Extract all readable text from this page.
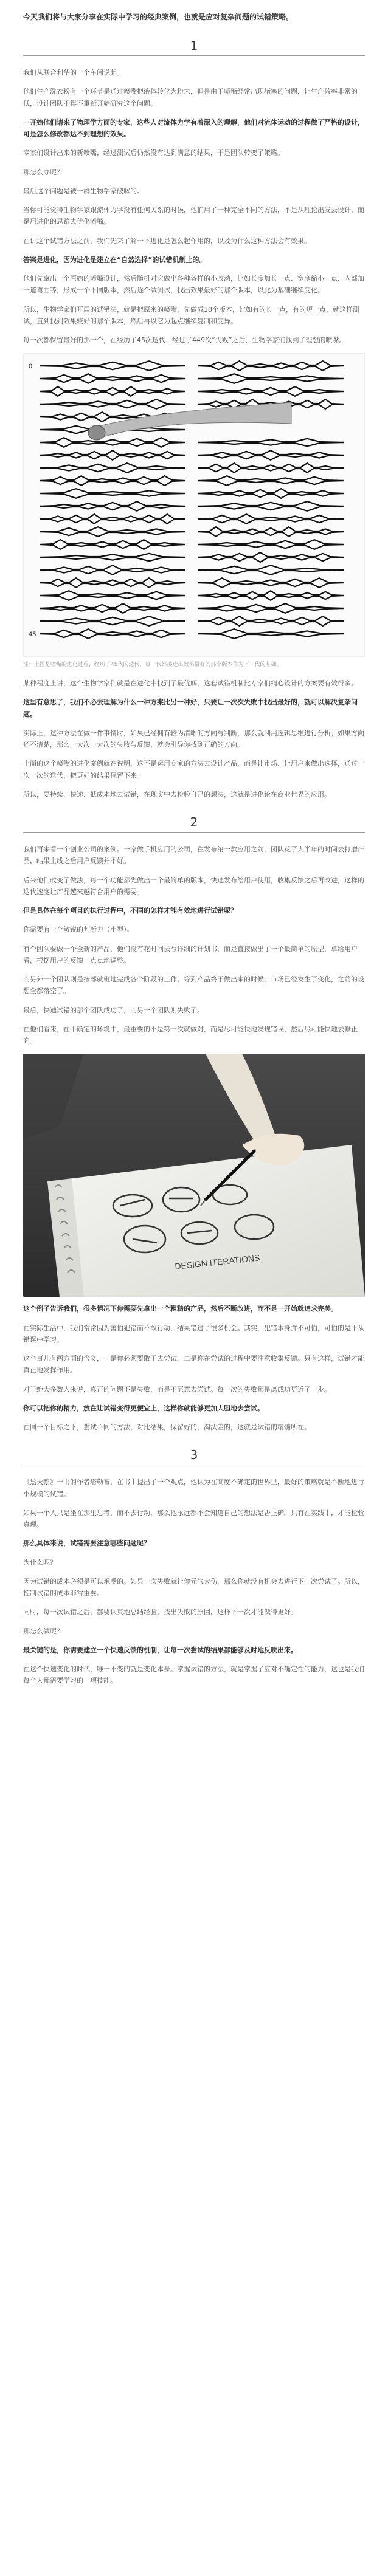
今天我们将与大家分享在实际中学习的经典案例，也就是应对复杂问题的试错策略。
1

我们从联合利华的一个车间说起。

他们生产洗衣粉有一个环节是通过喷嘴把液体转化为粉末，但是由于喷嘴经常出现堵塞的问题，让生产效率非常的低，设计团队不得不重新开始研究这个问题。

一开始他们请来了物理学方面的专家，这些人对流体力学有着深入的理解，他们对流体运动的过程做了严格的设计，可是怎么修改都达不到理想的效果。

专家们设计出来的新喷嘴，经过测试后仍然没有达到满意的结果，于是团队转变了策略。

那怎么办呢？

最后这个问题是被一群生物学家破解的。

当你可能觉得生物学家跟流体力学没有任何关系的时候，他们用了一种完全不同的方法，不是从理论出发去设计，而是用进化的思路去优化喷嘴。

在讲这个试错方法之前，我们先来了解一下进化是怎么起作用的，以及为什么这种方法会有效果。

答案是进化，因为进化是建立在“自然选择”的试错机制上的。

他们先拿出一个原始的喷嘴设计，然后随机对它做出各种各样的小改动，比如长度加长一点、宽度缩小一点、内部加一道弯曲等，形成十个不同版本，然后逐个做测试，找出效果最好的那个版本，以此为基础继续变化。

所以，生物学家们开展的试错法，就是把原来的喷嘴，先做成10个版本，比如有的长一点，有的短一点，就这样测试，直到找到效果较好的那个版本，然后再以它为起点继续复制和变异。

每一次都保留最好的那一个，在经历了45次迭代、经过了449次“失败”之后，生物学家们找到了理想的喷嘴。

0
45
注：上图是喷嘴的进化过程，经历了45代的迭代，每一代都挑选出效果最好的那个版本作为下一代的基础。

某种程度上讲，这个生物学家们就是在进化中找到了最优解，这套试错机制比专家们精心设计的方案要有效得多。

这里有意思了，我们不必去理解为什么一种方案比另一种好，只要让一次次失败中找出最好的，就可以解决复杂问题。

实际上，这种方法在做一件事情时，如果已经拥有较为清晰的方向与判断，那么就利用逻辑思维进行分析；如果方向还不清楚，那么一大次一大次的失败与反馈，就会引导你找到正确的方向。

上面的这个喷嘴的进化案例就在说明，这不是运用专家的方法去设计产品，而是让市场、让用户来做出选择，通过一次一次的迭代，把更好的结果保留下来。

所以，要持续、快速、低成本地去试错，在现实中去检验自己的想法，这就是进化论在商业世界的应用。

2

我们再来看一个创业公司的案例。一家做手机应用的公司，在发布第一款应用之前，团队花了大半年的时间去打磨产品，结果上线之后用户反馈并不好。

后来他们改变了做法，每一个功能都先做出一个最简单的版本，快速发布给用户使用，收集反馈之后再改进，这样的迭代速度让产品越来越符合用户的需要。

但是具体在每个项目的执行过程中，不同的怎样才能有效地进行试错呢？

你需要有一个敏锐的判断力（小型）。

有个团队要做一个全新的产品，他们没有花时间去写详细的计划书，而是直接做出了一个最简单的原型，拿给用户看，根据用户的反馈一点点地调整。

而另外一个团队则是按部就班地完成各个阶段的工作，等到产品终于做出来的时候，市场已经发生了变化，之前的设想全都落空了。

最后，快速试错的那个团队成功了，而另一个团队则失败了。

在他们看来，在不确定的环境中，最重要的不是第一次就做对，而是尽可能快地发现错误，然后尽可能快地去修正它。

DESIGN ITERATIONS

这个例子告诉我们，很多情况下你需要先拿出一个粗糙的产品，然后不断改进，而不是一开始就追求完美。

在实际生活中，我们常常因为害怕犯错而不敢行动，结果错过了很多机会。其实，犯错本身并不可怕，可怕的是不从错误中学习。

这个事儿有两方面的含义，一是你必须要敢于去尝试，二是你在尝试的过程中要注意收集反馈。只有这样，试错才能真正地发挥作用。

对于绝大多数人来说，真正的问题不是失败，而是不愿意去尝试。每一次的失败都是离成功更近了一步。

你可以把你的精力，放在让试错变得更便宜上，这样你就能够更加大胆地去尝试。

在同一个目标之下，尝试不同的方法，对比结果，保留好的，淘汰差的，这就是试错的精髓所在。

3

《黑天鹅》一书的作者塔勒布，在书中提出了一个观点，他认为在高度不确定的世界里，最好的策略就是不断地进行小规模的试错。

如果一个人只是坐在那里思考，而不去行动，那么他永远都不会知道自己的想法是否正确。只有在实践中，才能检验真理。

那么具体来说，试错需要注意哪些问题呢？

为什么呢？

因为试错的成本必须是可以承受的。如果一次失败就让你元气大伤，那么你就没有机会去进行下一次尝试了。所以，控制试错的成本非常重要。

同时，每一次试错之后，都要认真地总结经验，找出失败的原因，这样下一次才能做得更好。

那怎么做呢？

最关键的是，你需要建立一个快速反馈的机制，让每一次尝试的结果都能够及时地反映出来。

在这个快速变化的时代，唯一不变的就是变化本身。掌握试错的方法，就是掌握了应对不确定性的能力，这也是我们每个人都需要学习的一项技能。
